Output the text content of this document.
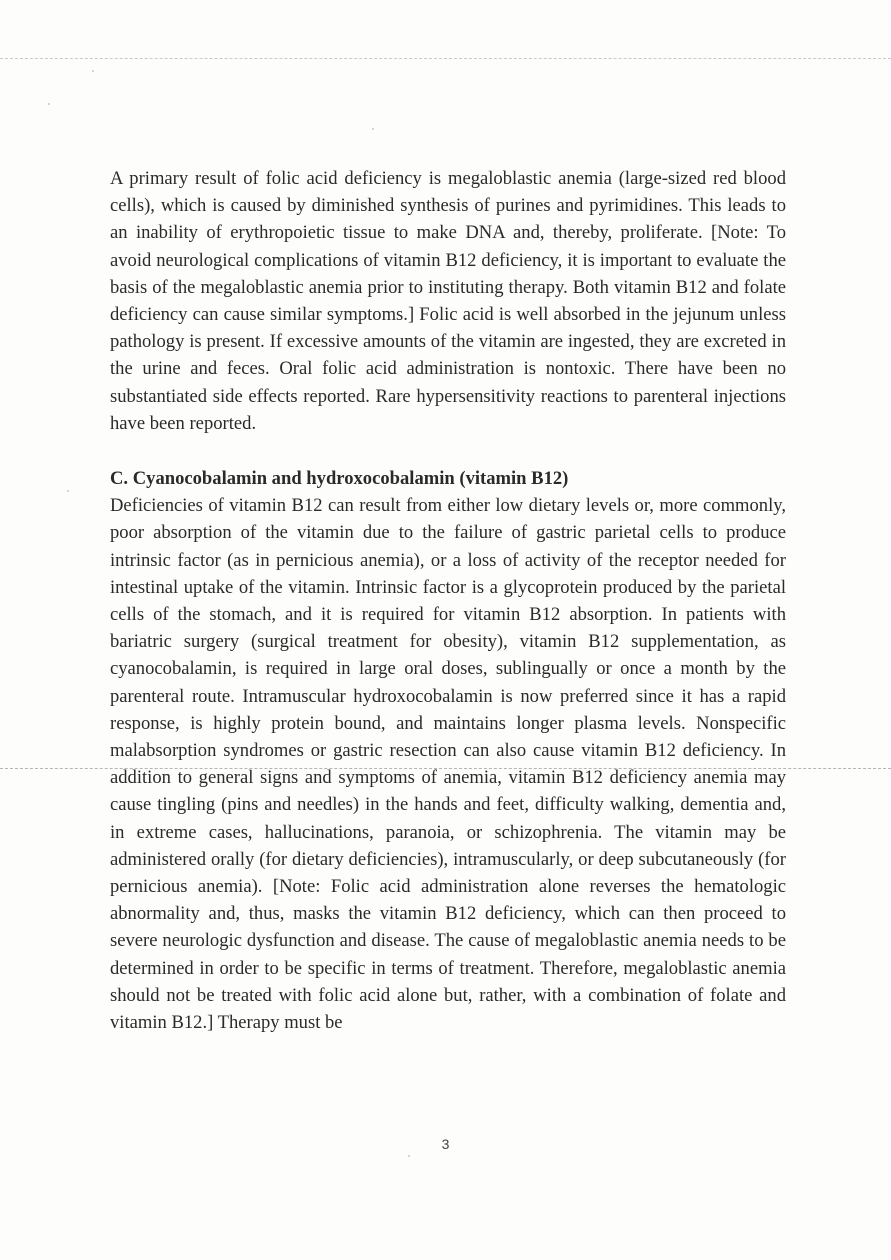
A primary result of folic acid deficiency is megaloblastic anemia (large-sized red blood cells), which is caused by diminished synthesis of purines and pyrimidines. This leads to an inability of erythropoietic tissue to make DNA and, thereby, proliferate. [Note: To avoid neurological complications of vitamin B12 deficiency, it is important to evaluate the basis of the megaloblastic anemia prior to instituting therapy. Both vitamin B12 and folate deficiency can cause similar symptoms.] Folic acid is well absorbed in the jejunum unless pathology is present. If excessive amounts of the vitamin are ingested, they are excreted in the urine and feces. Oral folic acid administration is nontoxic. There have been no substantiated side effects reported. Rare hypersensitivity reactions to parenteral injections have been reported.

C. Cyanocobalamin and hydroxocobalamin (vitamin B12)

Deficiencies of vitamin B12 can result from either low dietary levels or, more commonly, poor absorption of the vitamin due to the failure of gastric parietal cells to produce intrinsic factor (as in pernicious anemia), or a loss of activity of the receptor needed for intestinal uptake of the vitamin. Intrinsic factor is a glycoprotein produced by the parietal cells of the stomach, and it is required for vitamin B12 absorption. In patients with bariatric surgery (surgical treatment for obesity), vitamin B12 supplementation, as cyanocobalamin, is required in large oral doses, sublingually or once a month by the parenteral route. Intramuscular hydroxocobalamin is now preferred since it has a rapid response, is highly protein bound, and maintains longer plasma levels. Nonspecific malabsorption syndromes or gastric resection can also cause vitamin B12 deficiency. In addition to general signs and symptoms of anemia, vitamin B12 deficiency anemia may cause tingling (pins and needles) in the hands and feet, difficulty walking, dementia and, in extreme cases, hallucinations, paranoia, or schizophrenia. The vitamin may be administered orally (for dietary deficiencies), intramuscularly, or deep subcutaneously (for pernicious anemia). [Note: Folic acid administration alone reverses the hematologic abnormality and, thus, masks the vitamin B12 deficiency, which can then proceed to severe neurologic dysfunction and disease. The cause of megaloblastic anemia needs to be determined in order to be specific in terms of treatment. Therefore, megaloblastic anemia should not be treated with folic acid alone but, rather, with a combination of folate and vitamin B12.] Therapy must be

3
